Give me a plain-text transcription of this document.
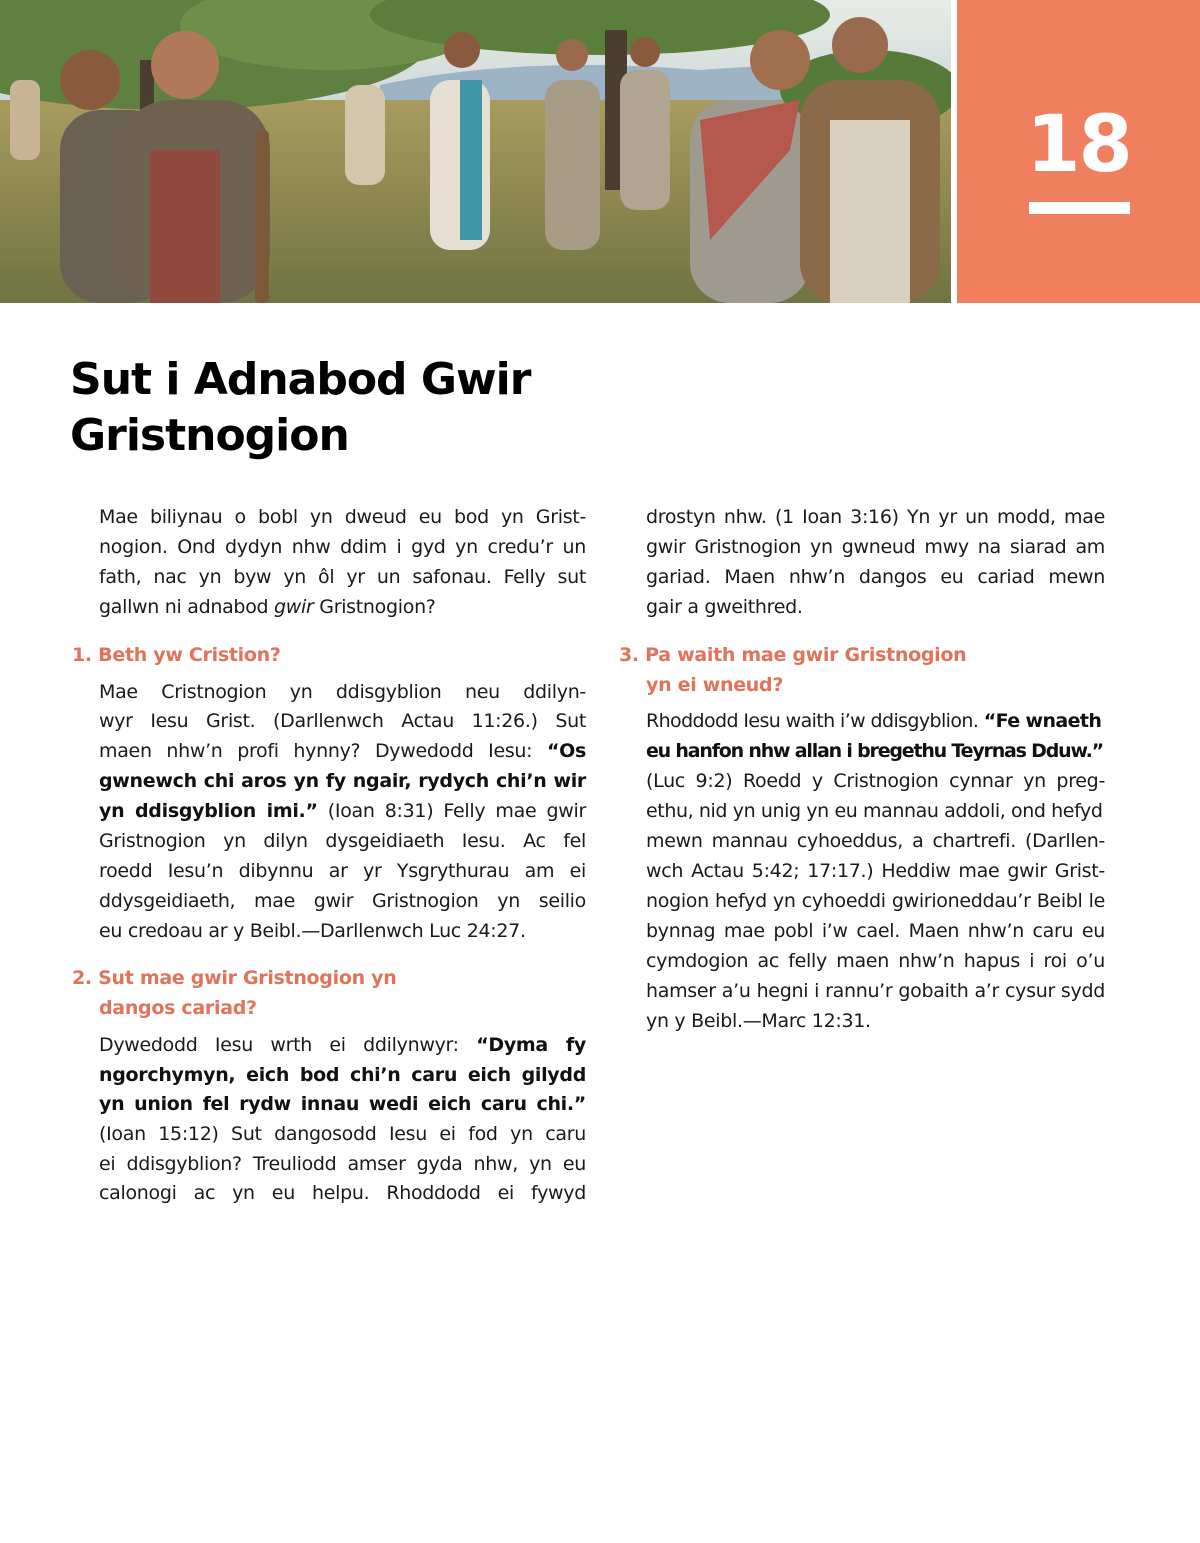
18
Sut i Adnabod Gwir
Gristnogion
Mae biliynau o bobl yn dweud eu bod yn Grist-
nogion. Ond dydyn nhw ddim i gyd yn credu’r un
fath, nac yn byw yn ôl yr un safonau. Felly sut
gallwn ni adnabod gwir Gristnogion?
1. Beth yw Cristion?
Mae Cristnogion yn ddisgyblion neu ddilyn-
wyr Iesu Grist. (Darllenwch Actau 11:26.) Sut
maen nhw’n profi hynny? Dywedodd Iesu: “Os
gwnewch chi aros yn fy ngair, rydych chi’n wir
yn ddisgyblion imi.” (Ioan 8:31) Felly mae gwir
Gristnogion yn dilyn dysgeidiaeth Iesu. Ac fel
roedd Iesu’n dibynnu ar yr Ysgrythurau am ei
ddysgeidiaeth, mae gwir Gristnogion yn seilio
eu credoau ar y Beibl.—Darllenwch Luc 24:27.
2. Sut mae gwir Gristnogion yn
dangos cariad?
Dywedodd Iesu wrth ei ddilynwyr: “Dyma fy
ngorchymyn, eich bod chi’n caru eich gilydd
yn union fel rydw innau wedi eich caru chi.”
(Ioan 15:12) Sut dangosodd Iesu ei fod yn caru
ei ddisgyblion? Treuliodd amser gyda nhw, yn eu
calonogi ac yn eu helpu. Rhoddodd ei fywyd
drostyn nhw. (1 Ioan 3:16) Yn yr un modd, mae
gwir Gristnogion yn gwneud mwy na siarad am
gariad. Maen nhw’n dangos eu cariad mewn
gair a gweithred.
3. Pa waith mae gwir Gristnogion
yn ei wneud?
Rhoddodd Iesu waith i’w ddisgyblion. “Fe wnaeth
eu hanfon nhw allan i bregethu Teyrnas Dduw.”
(Luc 9:2) Roedd y Cristnogion cynnar yn preg-
ethu, nid yn unig yn eu mannau addoli, ond hefyd
mewn mannau cyhoeddus, a chartrefi. (Darllen-
wch Actau 5:42; 17:17.) Heddiw mae gwir Grist-
nogion hefyd yn cyhoeddi gwirioneddau’r Beibl le
bynnag mae pobl i’w cael. Maen nhw’n caru eu
cymdogion ac felly maen nhw’n hapus i roi o’u
hamser a’u hegni i rannu’r gobaith a’r cysur sydd
yn y Beibl.—Marc 12:31.
